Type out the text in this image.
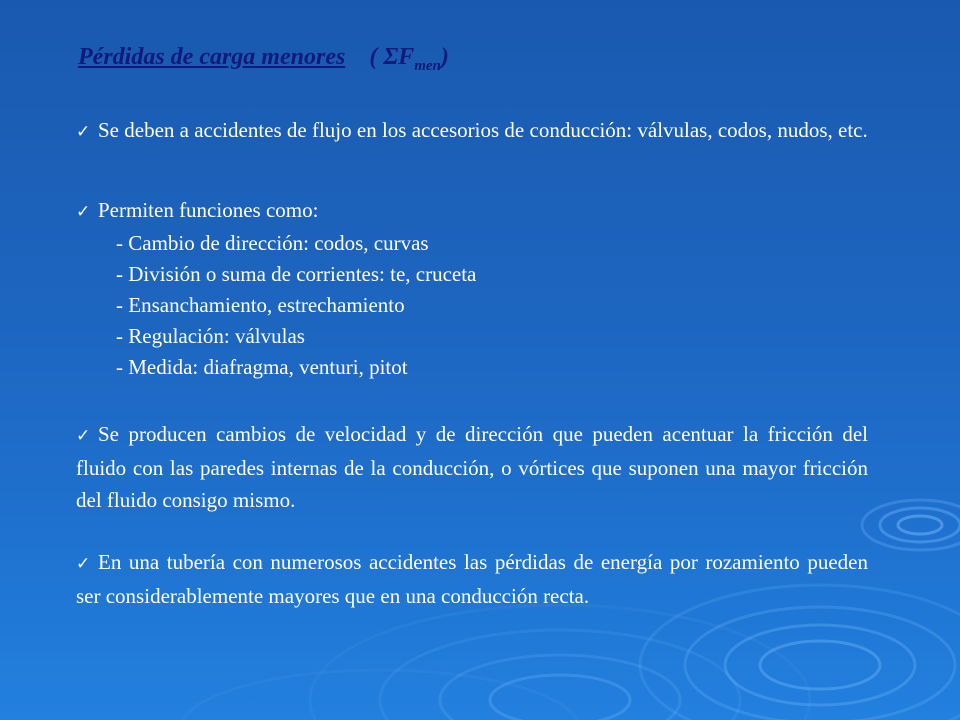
Pérdidas de carga menores ( $\Sigma F_{men}$)
✓ Se deben a accidentes de flujo en los accesorios de conducción: válvulas, codos, nudos, etc.
✓ Permiten funciones como:
- Cambio de dirección: codos, curvas
- División o suma de corrientes: te, cruceta
- Ensanchamiento, estrechamiento
- Regulación: válvulas
- Medida: diafragma, venturi, pitot
✓ Se producen cambios de velocidad y de dirección que pueden acentuar la fricción del fluido con las paredes internas de la conducción, o vórtices que suponen una mayor fricción del fluido consigo mismo.
✓ En una tubería con numerosos accidentes las pérdidas de energía por rozamiento pueden ser considerablemente mayores que en una conducción recta.
